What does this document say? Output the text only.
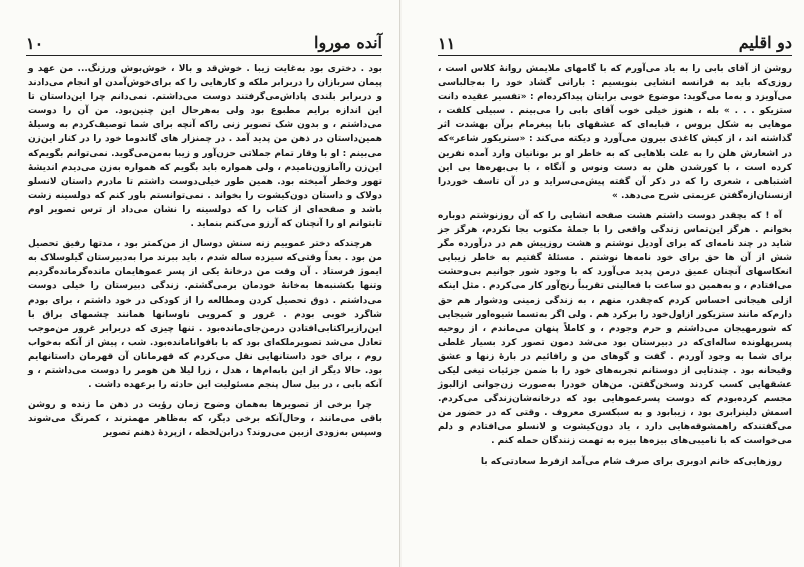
آنده مورو‌ا
۱۰

بود . دختری بود به‌غایت زیبا . خوش‌قد و بالا ، خوش‌بوش ورزنگ... من عهد و پیمان سربازان را دربرابر ملکه و کارهایی را که برای‌خوش‌آمدن او انجام می‌دادند و دربرابر بلندی پاداش‌می‌گرفتند دوست می‌داشتم. نمی‌دانم چرا این‌داستان تا این اندازه برایم مطبوع بود ولی به‌هرحال این چنین‌بود. من آن را دوست می‌داشتم ، و بدون شک تصویر زنی راکه آنچه برای شما توصیف‌کردم به وسیلهٔ همین‌داستان در ذهن من پدید آمد . در چمنزار های گاندوما خود را در کنار این‌زن می‌بینم : او با وقار تمام جملاتی حزن‌آور و زیبا به‌من‌می‌گوید. نمی‌توانم بگویم‌که این‌زن راآمازون‌نامیدم ، ولی همواره باید بگویم که همواره به‌زن می‌دیدم اندیشهٔ تهور وخطر آمیخته بود. همین طور خیلی‌دوست داشتم تا مادرم داستان لانسلو دولاک و داستان دون‌کیشوت را بخواند . نمی‌توانستم باور کنم که دولسینه زشت باشد و صفحه‌ای از کتاب را که دولسینه را نشان می‌داد از ترس تصویر اوم تابتوانم او را آنچنان که آرزو می‌کنم بنماید .

هرچندکه دختر عموییم زنه سنش دوسال از من‌کمتر بود ، مدتها رفیق تحصیل من بود . بعداً وقتی‌که سیزده ساله شدم ، باید ببرند مرا به‌دبیرستان گیلوسلاک به ایموژ فرستاد . آن وقت من درخانهٔ یکی از پسر عموهایمان مانده‌گرمانده‌گردیم وتنها بکشنبه‌ها به‌خانهٔ خودمان برمی‌گشتم. زندگی دبیرستان را خیلی دوست می‌داشتم . ذوق تحصیل کردن ومطالعه را از کودکی در خود داشتم ، برای بودم شاگرد خوبی بودم . غرور و کمرویی ناوسانها همانند چشمهای براق با این‌رازیراکتابی‌افتادن درمن‌جای‌مانده‌بود . تنها چیزی که دربرابر غرور من‌موجب تعادل می‌شد تصویرملکه‌ای بود که با بافوانامانده‌بود. شب ، پیش از آنکه به‌خواب روم ، برای خود داستانهایی نقل می‌کردم که قهرمانان آن قهرمان داستانهایم بود. حالا دیگر از این بابه‌ام‌ها ، هدل ، زرا لیلا هن هومر را دوست می‌داشتم ، و آنکه بابی ، در بیل سال پنجم مسئولیت این حادثه را برعهده داشت .

چرا برخی از تصویرها به‌همان وضوح زمان رؤیت در ذهن ما زنده و روشن باقی می‌مانند ، وحال‌آنکه برخی دیگر، که به‌ظاهر مهمترند ، کمرنگ می‌شوند وسپس به‌زودی ازبین می‌روند؟ درابن‌لحظه ، ازپردهٔ ذهنم تصویر

دو اقلیم
۱۱

روشن از آقای بابی را به یاد می‌آورم که با گامهای ملایمش روانهٔ کلاس است ، روزی‌که باید به فرانسه انشایی بنویسیم : بارانی گشاد خود را به‌جالباسی می‌آویزد و به‌ما می‌گوید: موضوع خوبی برایتان پیداکرده‌ام : «تفسیر عقیده دانت ستزیکو . . . » بله ، هنوز خیلی خوب آقای بابی را می‌بینم . سبیلی کلفت ، موهایی به شکل بروس ، قبایه‌ای که عشقهای بابا پیغرمام برآن بهشدت اثر گذاشته اند ، از کیش کاغذی بیرون می‌آورد و دیکته می‌کند : «ستریکور شاعر»که در اشعارش هلن را به علت بلاهایی که به خاطر او بر بونانیان وارد آمده نفرین کرده است ، با کورشدن هلن به دست ونوس و آنگاه ، با بی‌بهره‌ها بی این اشتباهی ، شعری را که در ذکر آن گفته پیش‌می‌سراید و در آن تاسف خوردرا ازنسنان‌ازه‌گفتن عزیمتی شرح می‌دهد. »

آه ! که بچقدر دوست داشتم هشت صفحه انشایی را که آن روزنوشتم دوباره بخوانم . هرگز این‌تماس زندگی واقعی را با جملهٔ مکتوب بجا نکردم، هرگز جز شاید در چند نامه‌ای که برای آودیل نوشتم و هشت روزپیش هم در درآورده مگر شش از آن ها حق برای خود نامه‌ها نوشتم . مسئلهٔ گفتیم به خاطر زیبایی انعکاسهای آنچنان عمیق درمن پدید می‌آورد که با وجود شور جوانیم بی‌وحشت می‌افتادم ، و به‌همین دو ساعت با فعالیتی تقریباً رنج‌آور کار می‌کردم . مثل اینکه ازلی هیجانی احساس کردم که‌چقدر، منهم ، به زندگی زمینی ودشوار هم حق دارم‌که مانند ستزیکور ازاول‌خود را برکرد هم . ولی اگر به‌تسما شیوه‌اور شیجایی که شورمهیجان می‌داشتم و حرم وجودم ، و کاملاً پنهان می‌ماندم ، از روحیه پسرپهلونده ساله‌ای‌که در دبیرستان بود می‌شد دمون تصور کرد بسیار غلطی برای شما به وجود آوردم . گفت و گوهای من و رافائیم در بارهٔ زنها و عشق وقیحانه بود . چندتایی از دوستانم تجربه‌های خود را با ضمن جزئیات تیغی لیکی عشقهایی کسب کردند وسخن‌گفتن. من‌هان خودرا به‌صورت زن‌جوانی ازالبوژ مجسم کرده‌بودم که دوست پسرعموهایی بود که درخانه‌شان‌زندگی می‌کردم. اسمش دلینرابری بود ، زیبابود و به سبکسری معروف . وقتی که در حضور من می‌گفتندکه راهمشوقه‌هایی دارد ، یاد دون‌کیشوت و لانسلو می‌افتادم و دلم می‌خواست که با نامیبی‌های بیزه‌ها بیزه به تهمت زنندگان حمله کنم .

روزهایی‌که خانم ادوبری برای صرف شام می‌آمد ازفرط سعادتی‌که با
